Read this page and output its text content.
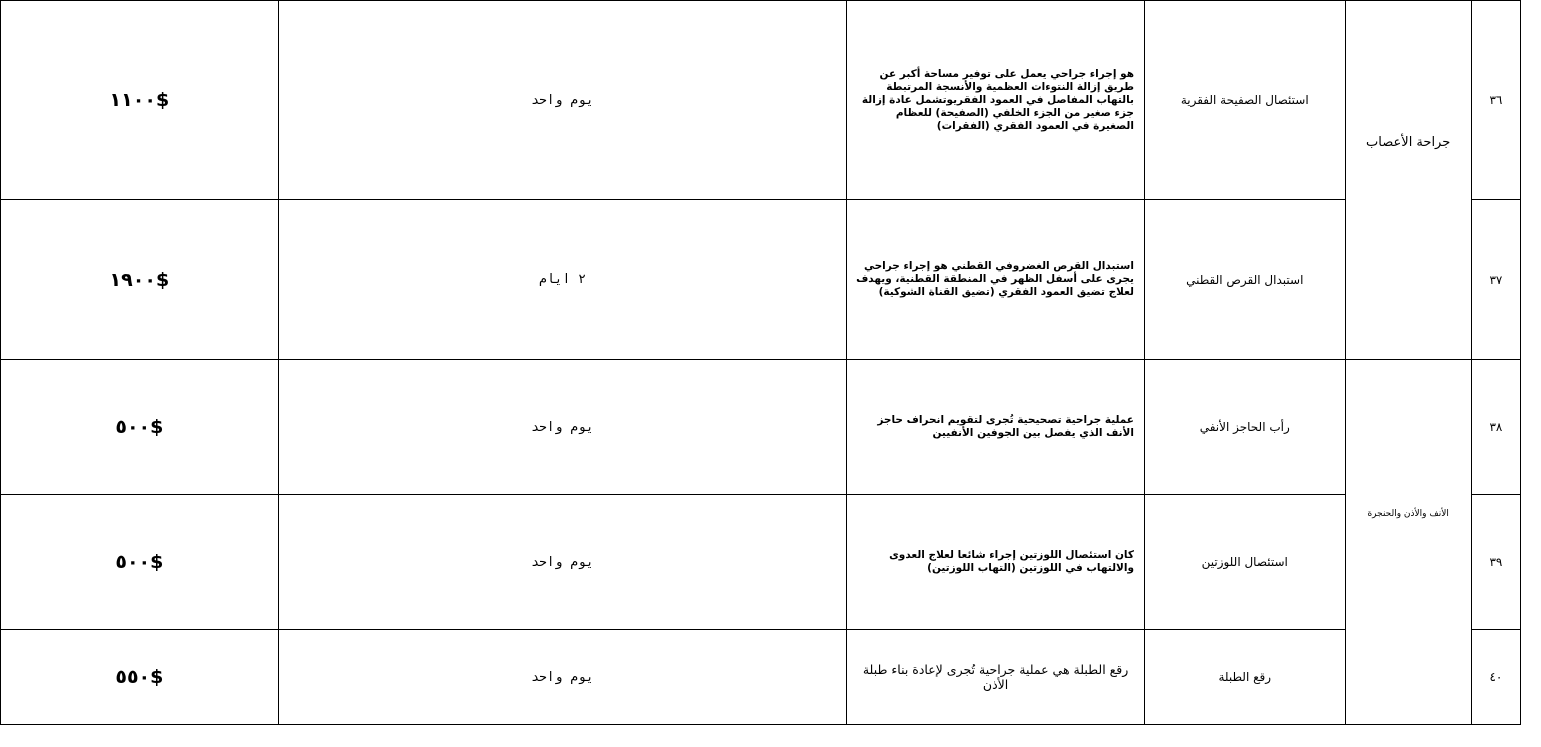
١١٠٠$	يوم واحد	هو إجراء جراحي يعمل على توفير مساحة أكبر عن طريق إزالة النتوءات العظمية والأنسجة المرتبطة بالتهاب المفاصل في العمود الفقريوتشمل عادة إزالة جزء صغير من الجزء الخلفي (الصفيحة) للعظام الصغيرة في العمود الفقري (الفقرات)	استئصال الصفيحة الفقرية	جراحة الأعصاب	٣٦
١٩٠٠$	٢ ايام	استبدال القرص الغضروفي القطني هو إجراء جراحي يجرى على أسفل الظهر في المنطقة القطنية، ويهدف لعلاج تضيق العمود الفقري (تضيق القناة الشوكية)	استبدال القرص القطني		٣٧
٥٠٠$	يوم واحد	عملية جراحية تصحيحية تُجرى لتقويم انحراف حاجز الأنف الذي يفصل بين الجوفين الأنفيين	رأب الحاجز الأنفي	الأنف والأذن والحنجرة	٣٨
٥٠٠$	يوم واحد	كان استئصال اللوزتين إجراء شائعا لعلاج العدوى والالتهاب في اللوزتين (التهاب اللوزتين)	استئصال اللوزتين		٣٩
٥٥٠$	يوم واحد	رقع الطبلة هي عملية جراحية تُجرى لإعادة بناء طبلة الأذن	رقع الطبلة		٤٠
